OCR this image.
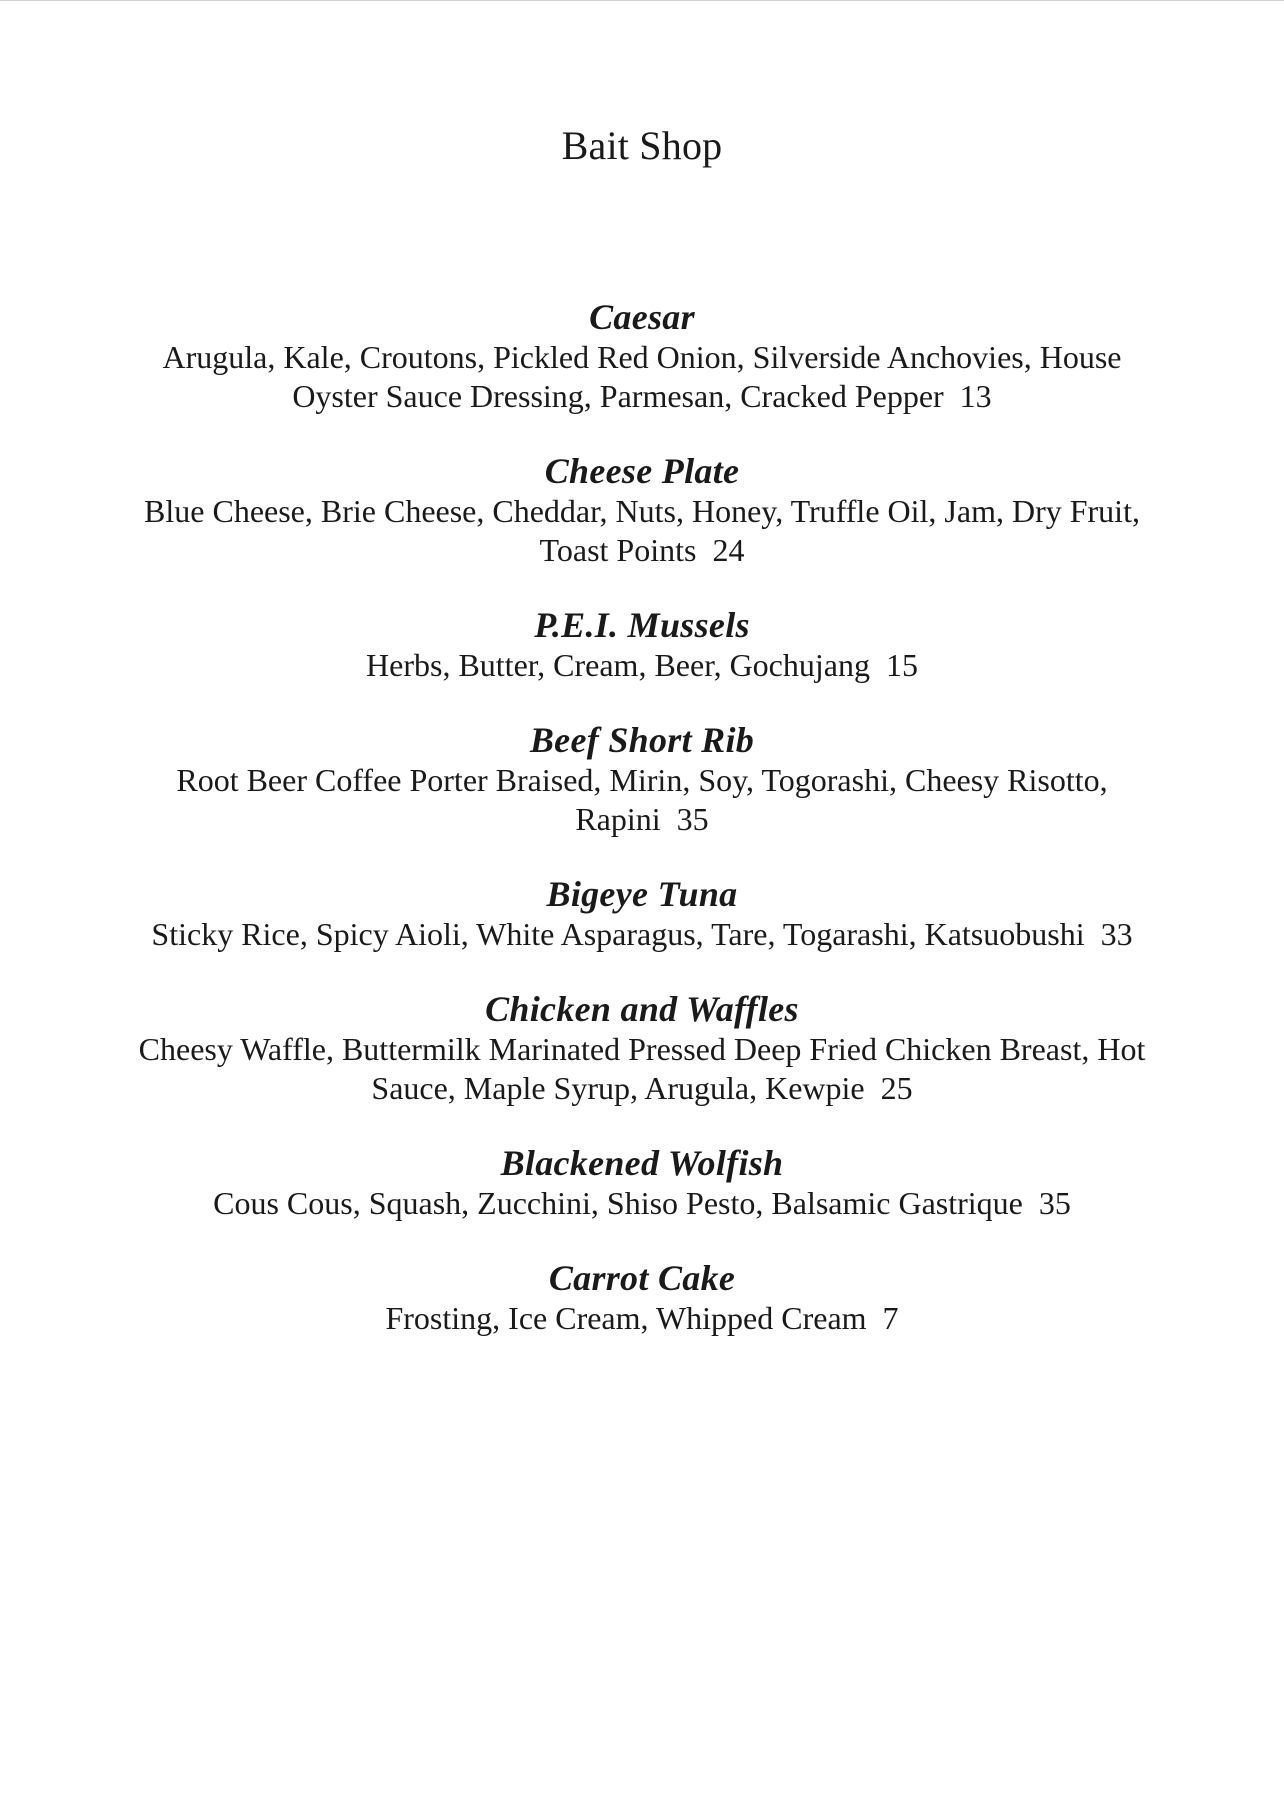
Bait Shop
Caesar
Arugula, Kale, Croutons, Pickled Red Onion, Silverside Anchovies, House Oyster Sauce Dressing, Parmesan, Cracked Pepper 13
Cheese Plate
Blue Cheese, Brie Cheese, Cheddar, Nuts, Honey, Truffle Oil, Jam, Dry Fruit, Toast Points 24
P.E.I. Mussels
Herbs, Butter, Cream, Beer, Gochujang 15
Beef Short Rib
Root Beer Coffee Porter Braised, Mirin, Soy, Togorashi, Cheesy Risotto, Rapini 35
Bigeye Tuna
Sticky Rice, Spicy Aioli, White Asparagus, Tare, Togarashi, Katsuobushi 33
Chicken and Waffles
Cheesy Waffle, Buttermilk Marinated Pressed Deep Fried Chicken Breast, Hot Sauce, Maple Syrup, Arugula, Kewpie 25
Blackened Wolfish
Cous Cous, Squash, Zucchini, Shiso Pesto, Balsamic Gastrique 35
Carrot Cake
Frosting, Ice Cream, Whipped Cream 7
